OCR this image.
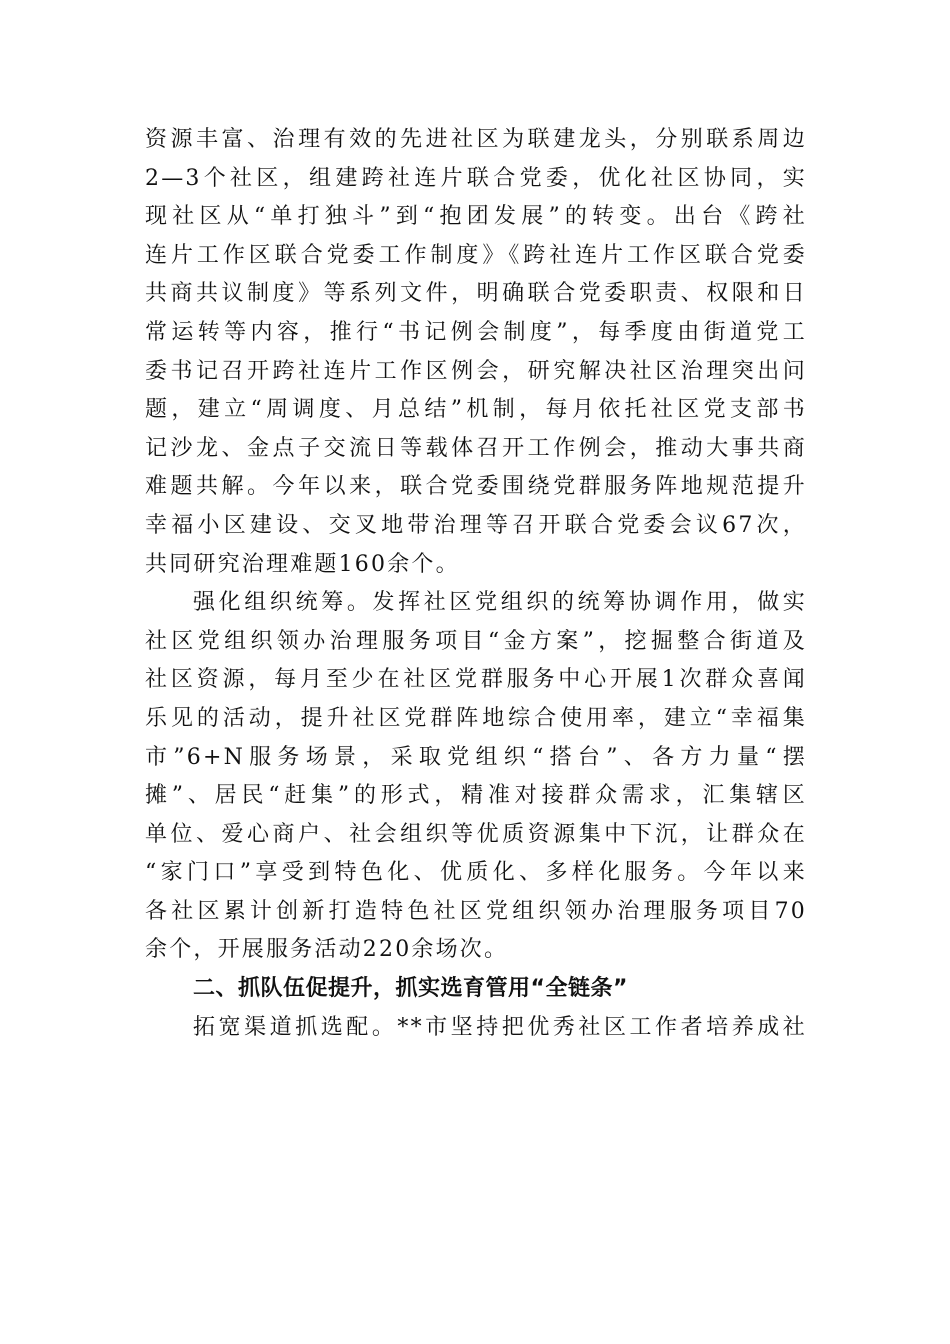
资源丰富、治理有效的先进社区为联建龙头，分别联系周边
2—3个社区，组建跨社连片联合党委，优化社区协同，实
现社区从“单打独斗”到“抱团发展”的转变。出台《跨社
连片工作区联合党委工作制度》《跨社连片工作区联合党委
共商共议制度》等系列文件，明确联合党委职责、权限和日
常运转等内容，推行“书记例会制度”，每季度由街道党工
委书记召开跨社连片工作区例会，研究解决社区治理突出问
题，建立“周调度、月总结”机制，每月依托社区党支部书
记沙龙、金点子交流日等载体召开工作例会，推动大事共商
难题共解。今年以来，联合党委围绕党群服务阵地规范提升
幸福小区建设、交叉地带治理等召开联合党委会议67次，
共同研究治理难题160余个。

强化组织统筹。发挥社区党组织的统筹协调作用，做实
社区党组织领办治理服务项目“金方案”，挖掘整合街道及
社区资源，每月至少在社区党群服务中心开展1次群众喜闻
乐见的活动，提升社区党群阵地综合使用率，建立“幸福集
市”6+N服务场景，采取党组织“搭台”、各方力量“摆
摊”、居民“赶集”的形式，精准对接群众需求，汇集辖区
单位、爱心商户、社会组织等优质资源集中下沉，让群众在
“家门口”享受到特色化、优质化、多样化服务。今年以来
各社区累计创新打造特色社区党组织领办治理服务项目70
余个，开展服务活动220余场次。

二、抓队伍促提升，抓实选育管用“全链条”

拓宽渠道抓选配。**市坚持把优秀社区工作者培养成社
